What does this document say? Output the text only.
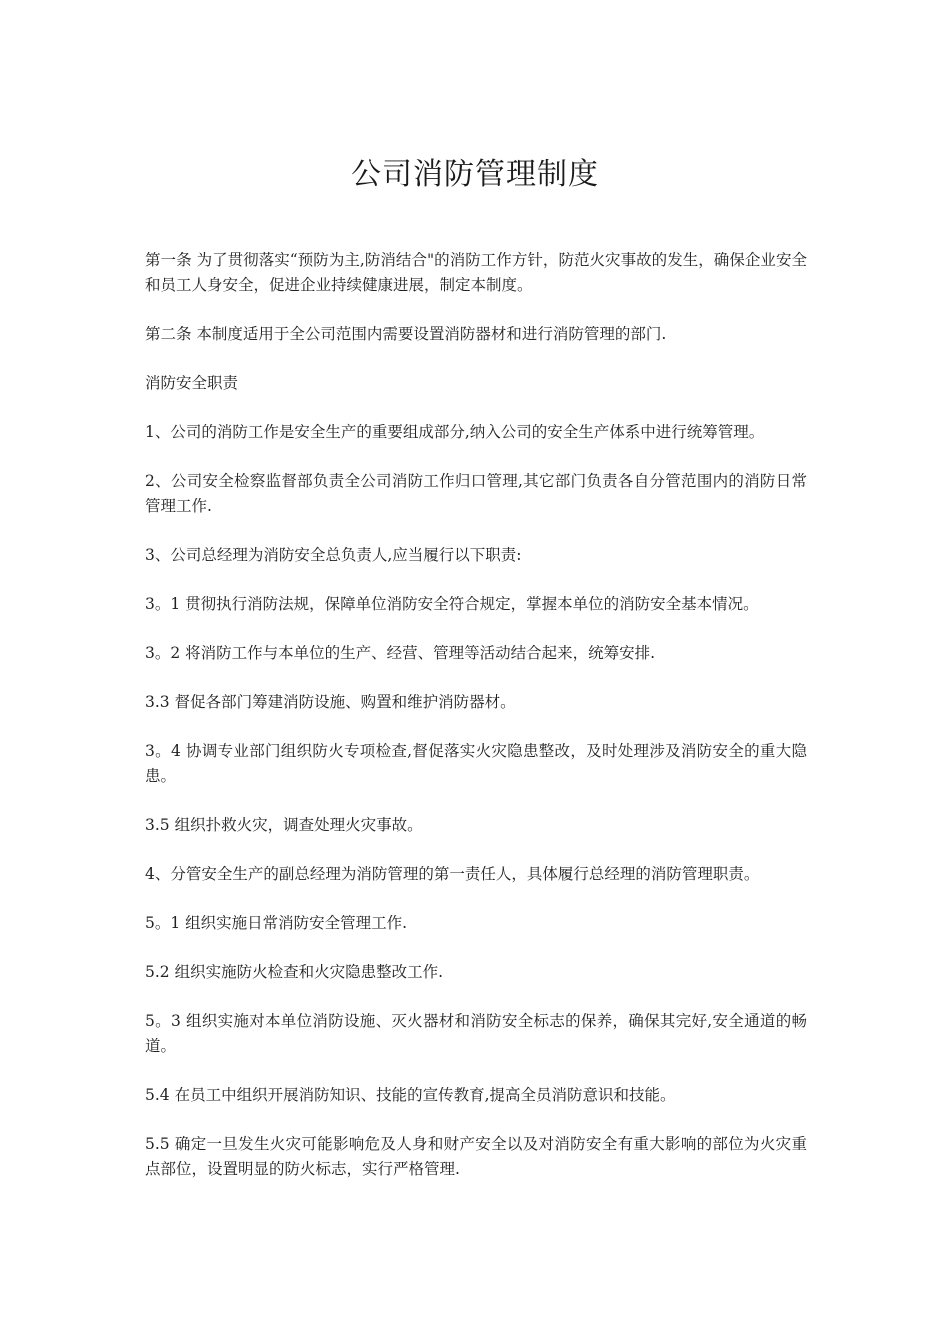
公司消防管理制度

第一条 为了贯彻落实“预防为主,防消结合"的消防工作方针，防范火灾事故的发生，确保企业安全和员工人身安全，促进企业持续健康进展，制定本制度。

第二条 本制度适用于全公司范围内需要设置消防器材和进行消防管理的部门.

消防安全职责

1、公司的消防工作是安全生产的重要组成部分,纳入公司的安全生产体系中进行统筹管理。

2、公司安全检察监督部负责全公司消防工作归口管理,其它部门负责各自分管范围内的消防日常管理工作.

3、公司总经理为消防安全总负责人,应当履行以下职责:

3。1 贯彻执行消防法规，保障单位消防安全符合规定，掌握本单位的消防安全基本情况。

3。2 将消防工作与本单位的生产、经营、管理等活动结合起来，统筹安排.

3.3 督促各部门筹建消防设施、购置和维护消防器材。

3。4 协调专业部门组织防火专项检查,督促落实火灾隐患整改，及时处理涉及消防安全的重大隐患。

3.5 组织扑救火灾，调查处理火灾事故。

4、分管安全生产的副总经理为消防管理的第一责任人，具体履行总经理的消防管理职责。

5。1 组织实施日常消防安全管理工作.

5.2 组织实施防火检查和火灾隐患整改工作.

5。3 组织实施对本单位消防设施、灭火器材和消防安全标志的保养，确保其完好,安全通道的畅道。

5.4 在员工中组织开展消防知识、技能的宣传教育,提高全员消防意识和技能。

5.5 确定一旦发生火灾可能影响危及人身和财产安全以及对消防安全有重大影响的部位为火灾重点部位，设置明显的防火标志，实行严格管理.
